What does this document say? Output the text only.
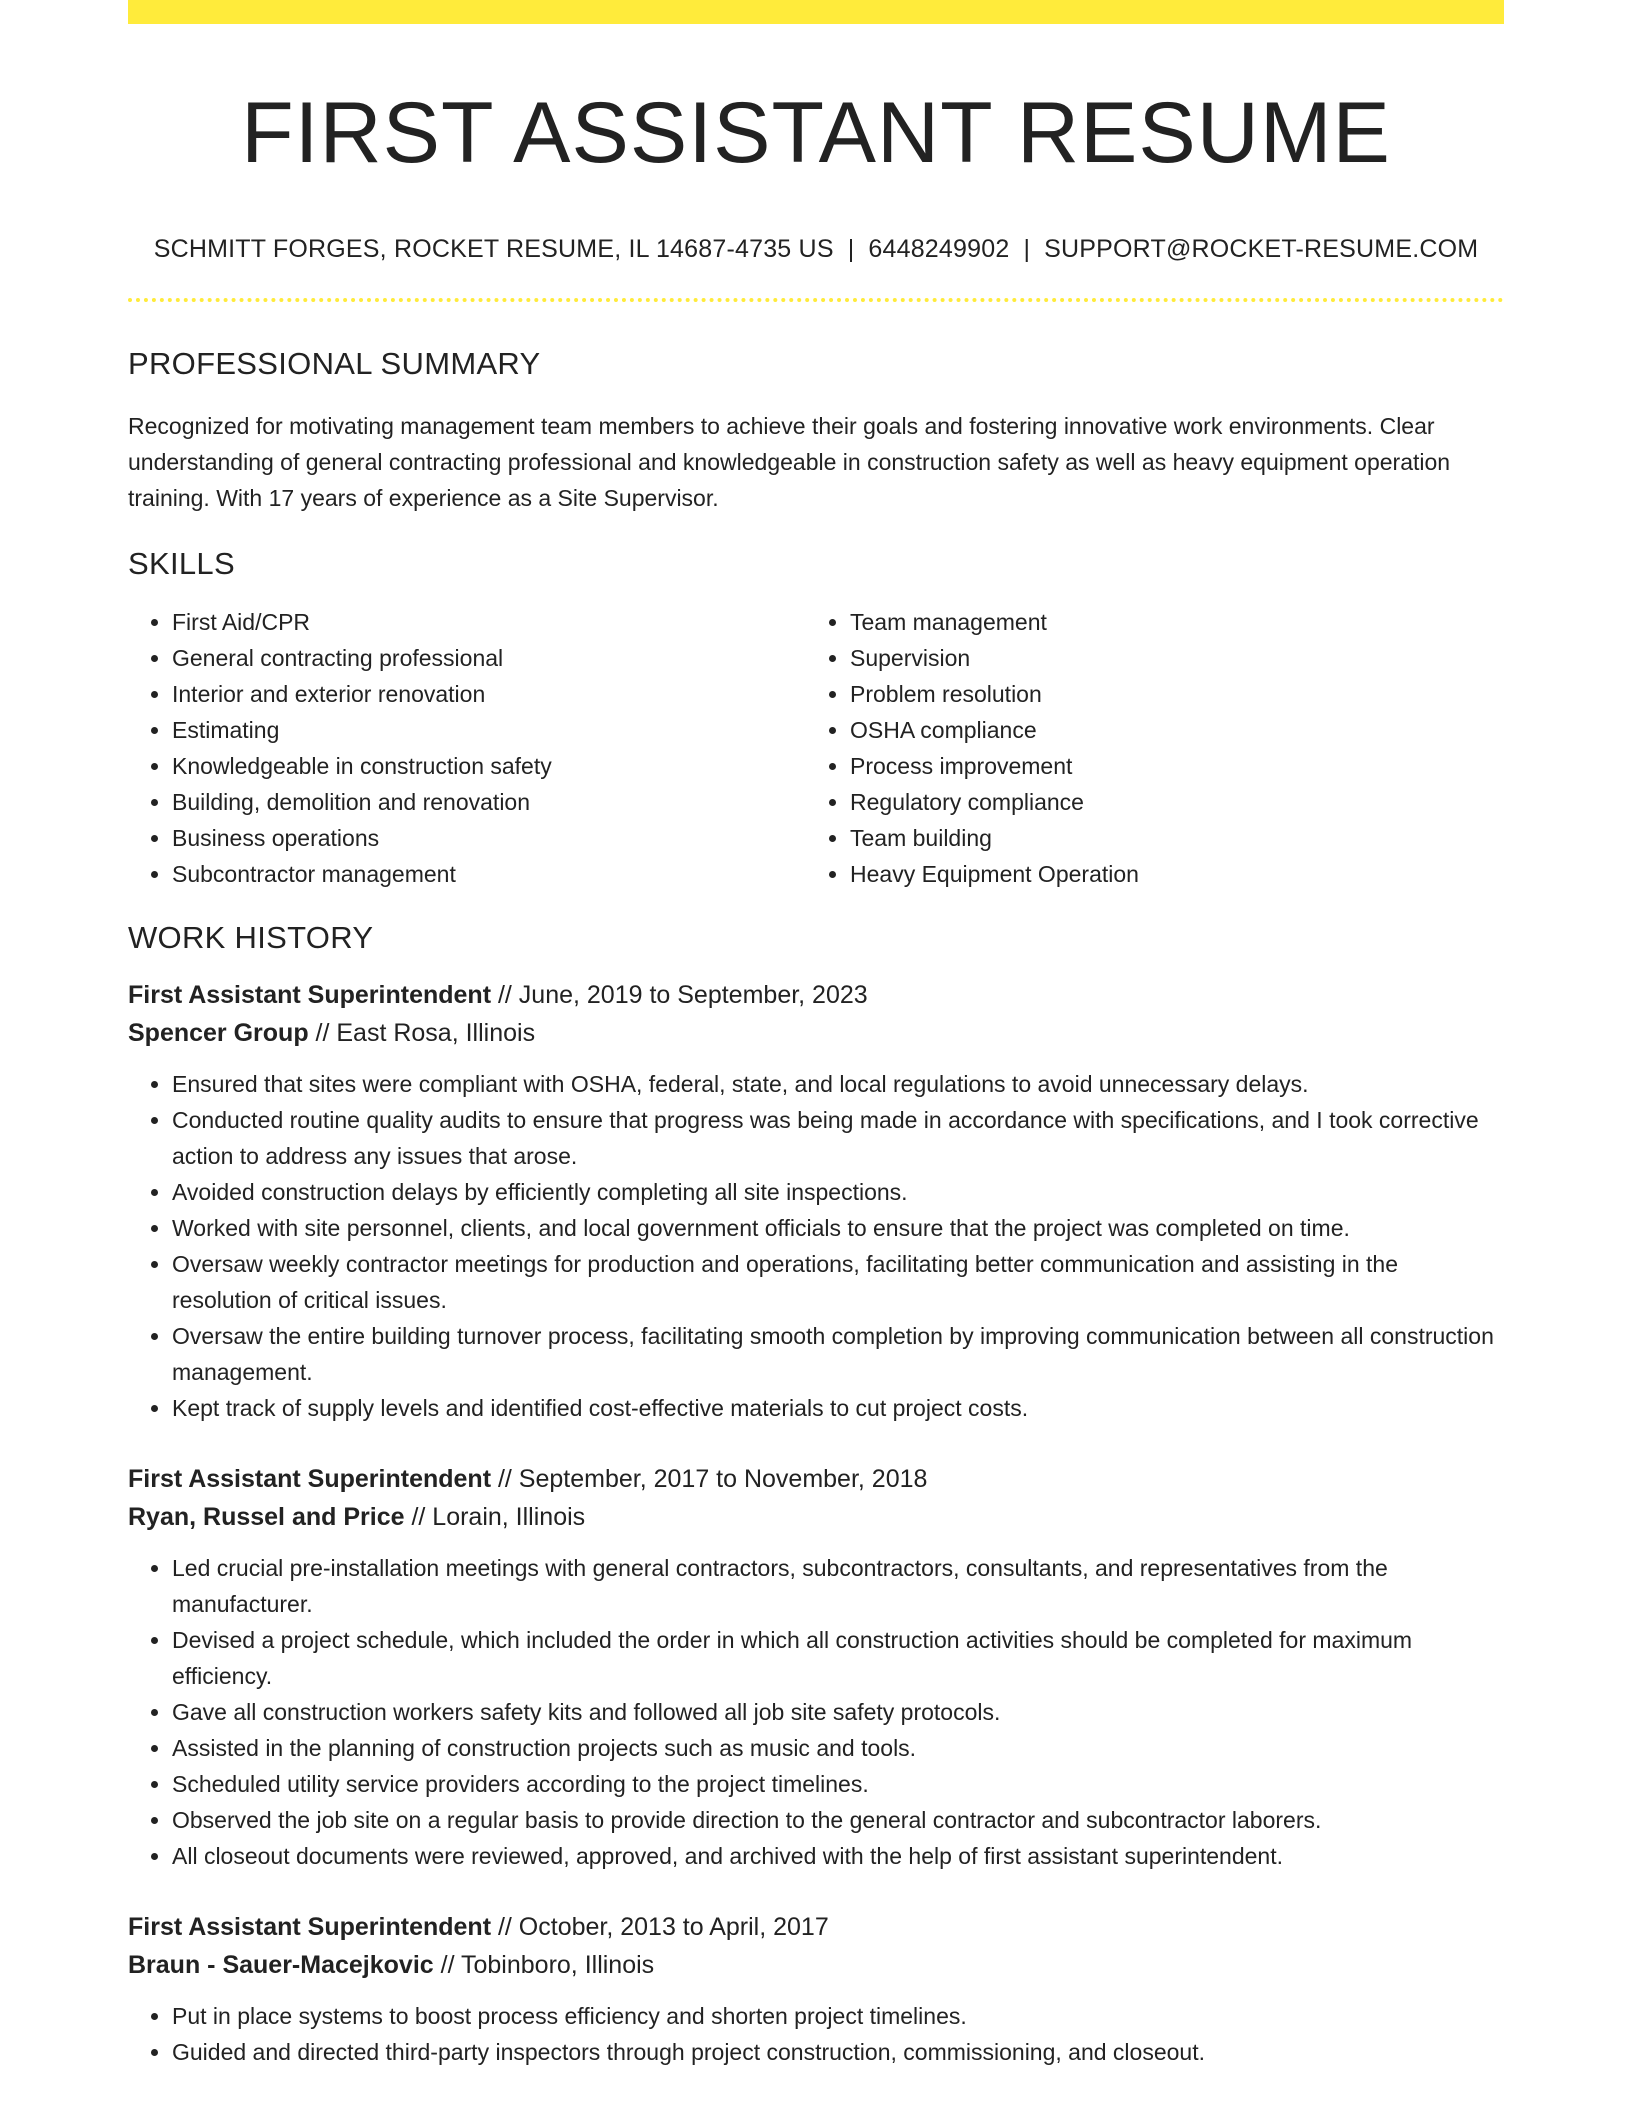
FIRST ASSISTANT RESUME
SCHMITT FORGES, ROCKET RESUME, IL 14687-4735 US | 6448249902 | SUPPORT@ROCKET-RESUME.COM
PROFESSIONAL SUMMARY

Recognized for motivating management team members to achieve their goals and fostering innovative work environments. Clear understanding of general contracting professional and knowledgeable in construction safety as well as heavy equipment operation training. With 17 years of experience as a Site Supervisor.

SKILLS
• First Aid/CPR
• General contracting professional
• Interior and exterior renovation
• Estimating
• Knowledgeable in construction safety
• Building, demolition and renovation
• Business operations
• Subcontractor management
• Team management
• Supervision
• Problem resolution
• OSHA compliance
• Process improvement
• Regulatory compliance
• Team building
• Heavy Equipment Operation
WORK HISTORY
First Assistant Superintendent // June, 2019 to September, 2023
Spencer Group // East Rosa, Illinois
• Ensured that sites were compliant with OSHA, federal, state, and local regulations to avoid unnecessary delays.
• Conducted routine quality audits to ensure that progress was being made in accordance with specifications, and I took corrective action to address any issues that arose.
• Avoided construction delays by efficiently completing all site inspections.
• Worked with site personnel, clients, and local government officials to ensure that the project was completed on time.
• Oversaw weekly contractor meetings for production and operations, facilitating better communication and assisting in the resolution of critical issues.
• Oversaw the entire building turnover process, facilitating smooth completion by improving communication between all construction management.
• Kept track of supply levels and identified cost-effective materials to cut project costs.
First Assistant Superintendent // September, 2017 to November, 2018
Ryan, Russel and Price // Lorain, Illinois
• Led crucial pre-installation meetings with general contractors, subcontractors, consultants, and representatives from the manufacturer.
• Devised a project schedule, which included the order in which all construction activities should be completed for maximum efficiency.
• Gave all construction workers safety kits and followed all job site safety protocols.
• Assisted in the planning of construction projects such as music and tools.
• Scheduled utility service providers according to the project timelines.
• Observed the job site on a regular basis to provide direction to the general contractor and subcontractor laborers.
• All closeout documents were reviewed, approved, and archived with the help of first assistant superintendent.
First Assistant Superintendent // October, 2013 to April, 2017
Braun - Sauer-Macejkovic // Tobinboro, Illinois
• Put in place systems to boost process efficiency and shorten project timelines.
• Guided and directed third-party inspectors through project construction, commissioning, and closeout.
